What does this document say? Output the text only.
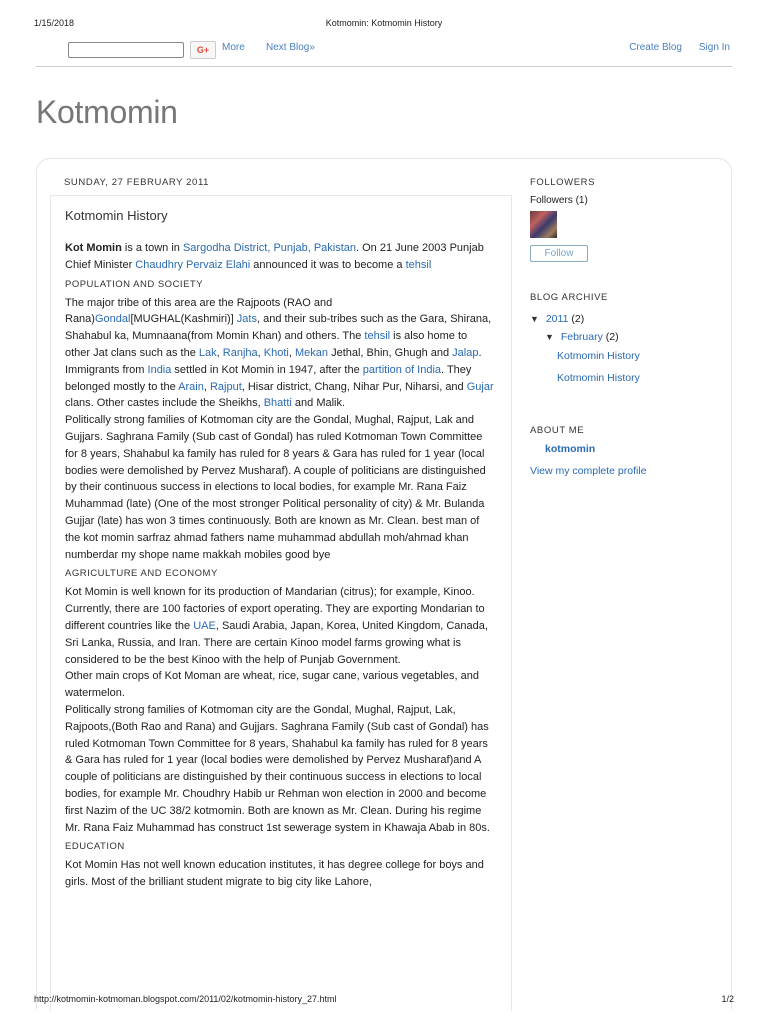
1/15/2018	Kotmomin: Kotmomin History
G+	More Next Blog»	Create Blog Sign In
Kotmomin
SUNDAY, 27 FEBRUARY 2011
Kotmomin History

Kot Momin is a town in Sargodha District, Punjab, Pakistan. On 21 June 2003 Punjab Chief Minister Chaudhry Pervaiz Elahi announced it was to become a tehsil

POPULATION AND SOCIETY

The major tribe of this area are the Rajpoots (RAO and Rana)Gondal[MUGHAL(Kashmiri)] Jats, and their sub-tribes such as the Gara, Shirana, Shahabul ka, Mumnaana(from Momin Khan) and others. The tehsil is also home to other Jat clans such as the Lak, Ranjha, Khoti, Mekan Jethal, Bhin, Ghugh and Jalap.

Immigrants from India settled in Kot Momin in 1947, after the partition of India. They belonged mostly to the Arain, Rajput, Hisar district, Chang, Nihar Pur, Niharsi, and Gujar clans. Other castes include the Sheikhs, Bhatti and Malik.

Politically strong families of Kotmoman city are the Gondal, Mughal, Rajput, Lak and Gujjars. Saghrana Family (Sub cast of Gondal) has ruled Kotmoman Town Committee for 8 years, Shahabul ka family has ruled for 8 years & Gara has ruled for 1 year (local bodies were demolished by Pervez Musharaf). A couple of politicians are distinguished by their continuous success in elections to local bodies, for example Mr. Rana Faiz Muhammad (late) (One of the most stronger Political personality of city) & Mr. Bulanda Gujjar (late) has won 3 times continuously. Both are known as Mr. Clean. best man of the kot momin sarfraz ahmad fathers name muhammad abdullah moh/ahmad khan numberdar my shope name makkah mobiles good bye

AGRICULTURE AND ECONOMY

Kot Momin is well known for its production of Mandarian (citrus); for example, Kinoo. Currently, there are 100 factories of export operating. They are exporting Mondarian to different countries like the UAE, Saudi Arabia, Japan, Korea, United Kingdom, Canada, Sri Lanka, Russia, and Iran. There are certain Kinoo model farms growing what is considered to be the best Kinoo with the help of Punjab Government.

Other main crops of Kot Moman are wheat, rice, sugar cane, various vegetables, and watermelon.

Politically strong families of Kotmoman city are the Gondal, Mughal, Rajput, Lak, Rajpoots,(Both Rao and Rana) and Gujjars. Saghrana Family (Sub cast of Gondal) has ruled Kotmoman Town Committee for 8 years, Shahabul ka family has ruled for 8 years & Gara has ruled for 1 year (local bodies were demolished by Pervez Musharaf)and A couple of politicians are distinguished by their continuous success in elections to local bodies, for example Mr. Choudhry Habib ur Rehman won election in 2000 and become first Nazim of the UC 38/2 kotmomin. Both are known as Mr. Clean. During his regime Mr. Rana Faiz Muhammad has construct 1st sewerage system in Khawaja Abab in 80s.

EDUCATION

Kot Momin Has not well known education institutes, it has degree college for boys and girls. Most of the brilliant student migrate to big city like Lahore,

FOLLOWERS
Followers (1)
Follow
BLOG ARCHIVE
▼ 2011 (2)
▼ February (2)
Kotmomin History
Kotmomin History
ABOUT ME
kotmomin
View my complete profile
http://kotmomin-kotmoman.blogspot.com/2011/02/kotmomin-history_27.html	1/2
